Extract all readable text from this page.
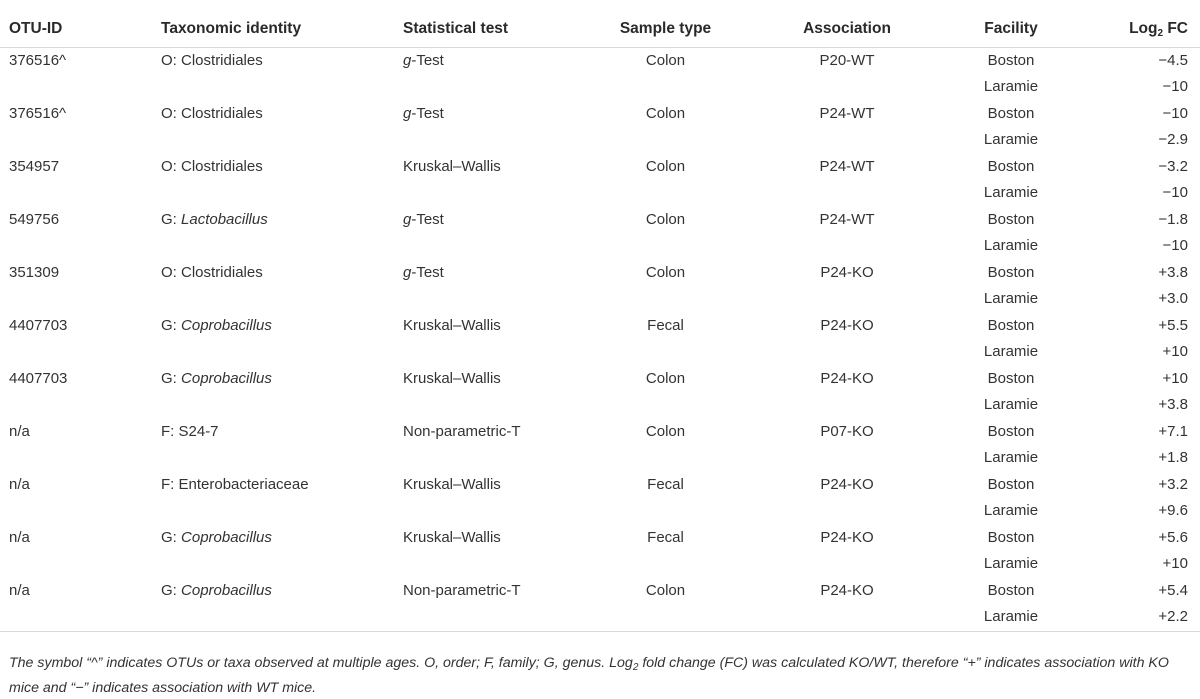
OTU-ID	Taxonomic identity	Statistical test	Sample type	Association	Facility	Log$_2$ FC
376516^	O: Clostridiales	g-Test	Colon	P20-WT	Boston	−4.5
					Laramie	−10
376516^	O: Clostridiales	g-Test	Colon	P24-WT	Boston	−10
					Laramie	−2.9
354957	O: Clostridiales	Kruskal–Wallis	Colon	P24-WT	Boston	−3.2
					Laramie	−10
549756	G: Lactobacillus	g-Test	Colon	P24-WT	Boston	−1.8
					Laramie	−10
351309	O: Clostridiales	g-Test	Colon	P24-KO	Boston	+3.8
					Laramie	+3.0
4407703	G: Coprobacillus	Kruskal–Wallis	Fecal	P24-KO	Boston	+5.5
					Laramie	+10
4407703	G: Coprobacillus	Kruskal–Wallis	Colon	P24-KO	Boston	+10
					Laramie	+3.8
n/a	F: S24-7	Non-parametric-T	Colon	P07-KO	Boston	+7.1
					Laramie	+1.8
n/a	F: Enterobacteriaceae	Kruskal–Wallis	Fecal	P24-KO	Boston	+3.2
					Laramie	+9.6
n/a	G: Coprobacillus	Kruskal–Wallis	Fecal	P24-KO	Boston	+5.6
					Laramie	+10
n/a	G: Coprobacillus	Non-parametric-T	Colon	P24-KO	Boston	+5.4
					Laramie	+2.2
The symbol “^” indicates OTUs or taxa observed at multiple ages. O, order; F, family; G, genus. Log$_2$ fold change (FC) was calculated KO/WT, therefore “+” indicates association with KO mice and “−” indicates association with WT mice.
